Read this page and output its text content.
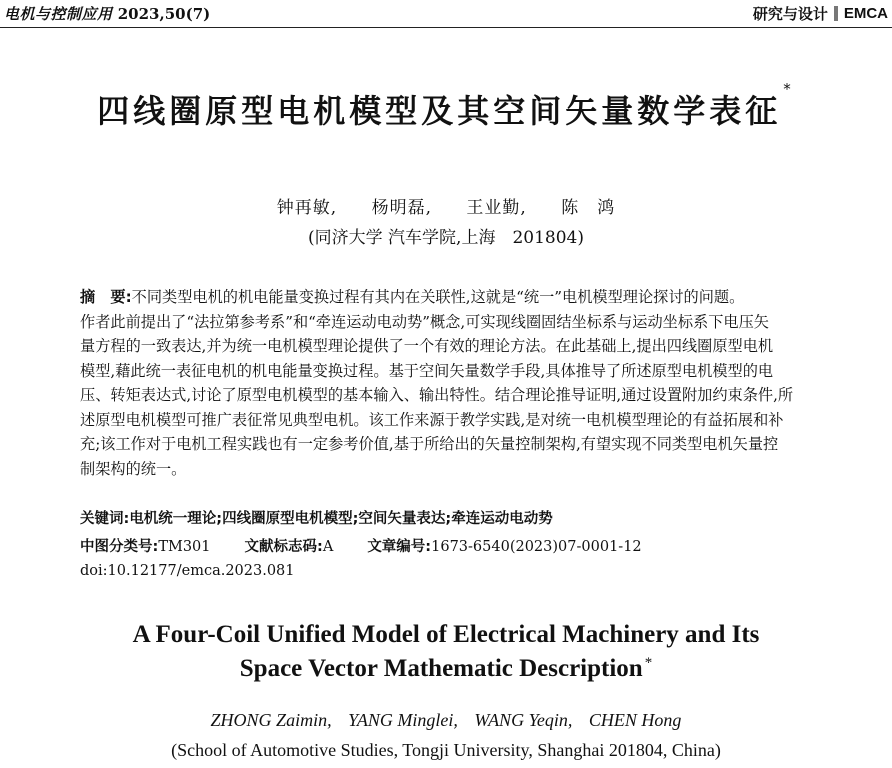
电机与控制应用 2023,50(7)	研究与设计 EMCA
四线圈原型电机模型及其空间矢量数学表征*
钟再敏, 杨明磊, 王业勤, 陈　鸿
(同济大学 汽车学院,上海　201804)
摘　要:不同类型电机的机电能量变换过程有其内在关联性,这就是“统一”电机模型理论探讨的问题。
作者此前提出了“法拉第参考系”和“牵连运动电动势”概念,可实现线圈固结坐标系与运动坐标系下电压矢
量方程的一致表达,并为统一电机模型理论提供了一个有效的理论方法。在此基础上,提出四线圈原型电机
模型,藉此统一表征电机的机电能量变换过程。基于空间矢量数学手段,具体推导了所述原型电机模型的电
压、转矩表达式,讨论了原型电机模型的基本输入、输出特性。结合理论推导证明,通过设置附加约束条件,所
述原型电机模型可推广表征常见典型电机。该工作来源于教学实践,是对统一电机模型理论的有益拓展和补
充;该工作对于电机工程实践也有一定参考价值,基于所给出的矢量控制架构,有望实现不同类型电机矢量控
制架构的统一。
关键词:电机统一理论;四线圈原型电机模型;空间矢量表达;牵连运动电动势
中图分类号:TM301 文献标志码:A 文章编号:1673-6540(2023)07-0001-12
doi:10.12177/emca.2023.081
A Four-Coil Unified Model of Electrical Machinery and Its
Space Vector Mathematic Description *
ZHONG Zaimin, YANG Minglei, WANG Yeqin, CHEN Hong
(School of Automotive Studies, Tongji University, Shanghai 201804, China)
